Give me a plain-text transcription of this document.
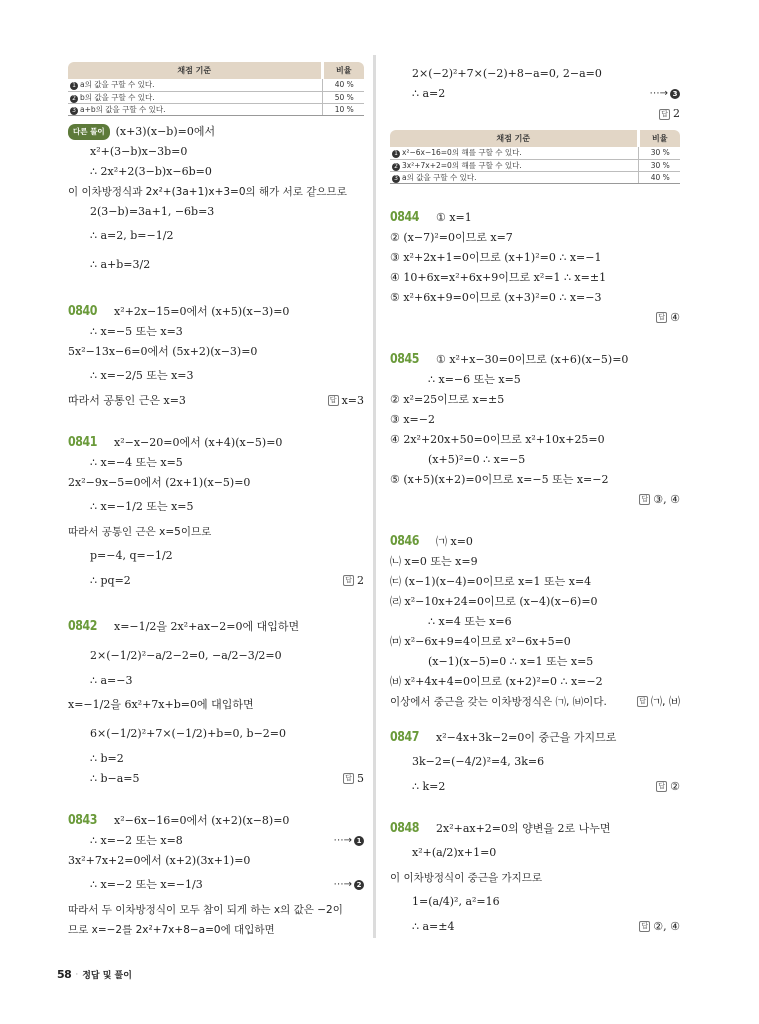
채점 기준	비율
1 a의 값을 구할 수 있다.	40 %
2 b의 값을 구할 수 있다.	50 %
3 a+b의 값을 구할 수 있다.	10 %
다른 풀이	(x+3)(x−b)=0에서
x²+(3−b)x−3b=0
∴ 2x²+2(3−b)x−6b=0
이 이차방정식과 2x²+(3a+1)x+3=0의 해가 서로 같으므로
2(3−b)=3a+1, −6b=3
∴ a=2, b=−1/2
∴ a+b=3/2
0840 x²+2x−15=0에서 (x+5)(x−3)=0
∴ x=−5 또는 x=3
5x²−13x−6=0에서 (5x+2)(x−3)=0
∴ x=−2/5 또는 x=3
따라서 공통인 근은 x=3	답 x=3
0841 x²−x−20=0에서 (x+4)(x−5)=0
∴ x=−4 또는 x=5
2x²−9x−5=0에서 (2x+1)(x−5)=0
∴ x=−1/2 또는 x=5
따라서 공통인 근은 x=5이므로
p=−4, q=−1/2
∴ pq=2	답 2
0842 x=−1/2을 2x²+ax−2=0에 대입하면
2×(−1/2)²−a/2−2=0, −a/2−3/2=0
∴ a=−3
x=−1/2을 6x²+7x+b=0에 대입하면
6×(−1/2)²+7×(−1/2)+b=0, b−2=0
∴ b=2
∴ b−a=5	답 5
0843 x²−6x−16=0에서 (x+2)(x−8)=0
∴ x=−2 또는 x=8	⋯→ 1
3x²+7x+2=0에서 (x+2)(3x+1)=0
∴ x=−2 또는 x=−1/3	⋯→ 2
따라서 두 이차방정식이 모두 참이 되게 하는 x의 값은 −2이
므로 x=−2를 2x²+7x+8−a=0에 대입하면
2×(−2)²+7×(−2)+8−a=0, 2−a=0
∴ a=2	⋯→ 3
답 2
채점 기준	비율
1 x²−6x−16=0의 해를 구할 수 있다.	30 %
2 3x²+7x+2=0의 해를 구할 수 있다.	30 %
3 a의 값을 구할 수 있다.	40 %
0844 ① x=1
② (x−7)²=0이므로 x=7
③ x²+2x+1=0이므로 (x+1)²=0 ∴ x=−1
④ 10+6x=x²+6x+9이므로 x²=1 ∴ x=±1
⑤ x²+6x+9=0이므로 (x+3)²=0 ∴ x=−3
답 ④
0845 ① x²+x−30=0이므로 (x+6)(x−5)=0
∴ x=−6 또는 x=5
② x²=25이므로 x=±5
③ x=−2
④ 2x²+20x+50=0이므로 x²+10x+25=0
(x+5)²=0 ∴ x=−5
⑤ (x+5)(x+2)=0이므로 x=−5 또는 x=−2
답 ③, ④
0846 ㈀ x=0
㈁ x=0 또는 x=9
㈂ (x−1)(x−4)=0이므로 x=1 또는 x=4
㈃ x²−10x+24=0이므로 (x−4)(x−6)=0
∴ x=4 또는 x=6
㈄ x²−6x+9=4이므로 x²−6x+5=0
(x−1)(x−5)=0 ∴ x=1 또는 x=5
㈅ x²+4x+4=0이므로 (x+2)²=0 ∴ x=−2
이상에서 중근을 갖는 이차방정식은 ㈀, ㈅이다.	답 ㈀, ㈅
0847 x²−4x+3k−2=0이 중근을 가지므로
3k−2=(−4/2)²=4, 3k=6
∴ k=2	답 ②
0848 2x²+ax+2=0의 양변을 2로 나누면
x²+(a/2)x+1=0
이 이차방정식이 중근을 가지므로
1=(a/4)², a²=16
∴ a=±4	답 ②, ④
58 · 정답 및 풀이
